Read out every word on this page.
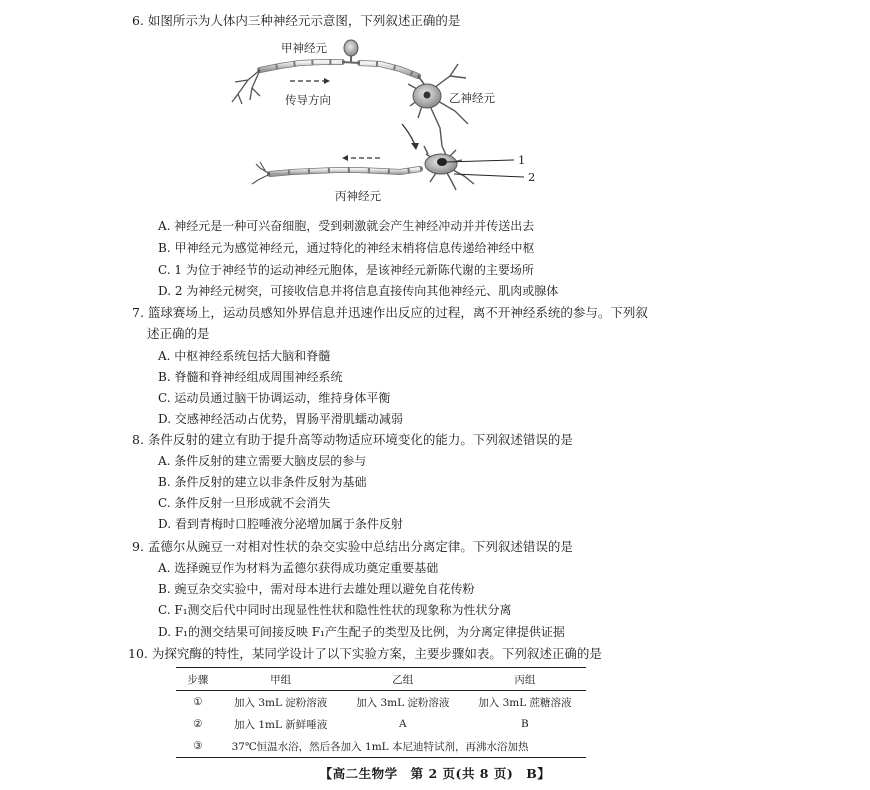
6. 如图所示为人体内三种神经元示意图，下列叙述正确的是
甲神经元
传导方向	乙神经元
丙神经元
1
2
A. 神经元是一种可兴奋细胞，受到刺激就会产生神经冲动并并传送出去
B. 甲神经元为感觉神经元，通过特化的神经末梢将信息传递给神经中枢
C. 1 为位于神经节的运动神经元胞体，是该神经元新陈代谢的主要场所
D. 2 为神经元树突，可接收信息并将信息直接传向其他神经元、肌肉或腺体
7. 篮球赛场上，运动员感知外界信息并迅速作出反应的过程，离不开神经系统的参与。下列叙
述正确的是
A. 中枢神经系统包括大脑和脊髓
B. 脊髓和脊神经组成周围神经系统
C. 运动员通过脑干协调运动，维持身体平衡
D. 交感神经活动占优势，胃肠平滑肌蠕动减弱
8. 条件反射的建立有助于提升高等动物适应环境变化的能力。下列叙述错误的是
A. 条件反射的建立需要大脑皮层的参与
B. 条件反射的建立以非条件反射为基础
C. 条件反射一旦形成就不会消失
D. 看到青梅时口腔唾液分泌增加属于条件反射
9. 孟德尔从豌豆一对相对性状的杂交实验中总结出分离定律。下列叙述错误的是
A. 选择豌豆作为材料为孟德尔获得成功奠定重要基础
B. 豌豆杂交实验中，需对母本进行去雄处理以避免自花传粉
C. F₁测交后代中同时出现显性性状和隐性性状的现象称为性状分离
D. F₁的测交结果可间接反映 F₁产生配子的类型及比例，为分离定律提供证据
10. 为探究酶的特性，某同学设计了以下实验方案，主要步骤如表。下列叙述正确的是
步骤	甲组	乙组	丙组
①	加入 3mL 淀粉溶液	加入 3mL 淀粉溶液	加入 3mL 蔗糖溶液
②	加入 1mL 新鲜唾液	A	B
③	37℃恒温水浴，然后各加入 1mL 本尼迪特试剂，再沸水浴加热		
【高二生物学　第 2 页(共 8 页)　B】
